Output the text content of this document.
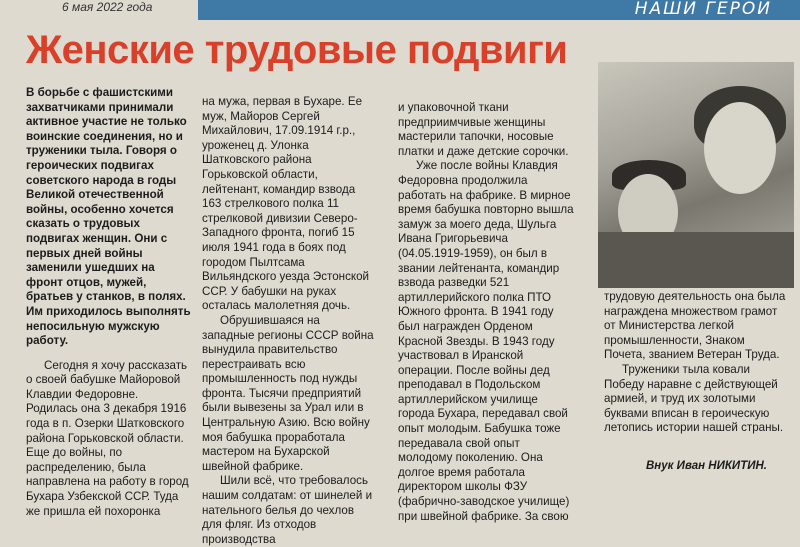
6 мая 2022 года	НАШИ ГЕРОИ
Женские трудовые подвиги

В борьбе с фашистскими захватчиками принимали активное участие не только воинские соединения, но и труженики тыла. Говоря о героических подвигах советского народа в годы Великой отечественной войны, особенно хочется сказать о трудовых подвигах женщин. Они с первых дней войны заменили ушедших на фронт отцов, мужей, братьев у станков, в полях. Им приходилось выполнять непосильную мужскую работу.

Сегодня я хочу рассказать о своей бабушке Майоровой Клавдии Федоровне. Родилась она 3 декабря 1916 года в п. Озерки Шатковского района Горьковской области. Еще до войны, по распределению, была направлена на работу в город Бухара Узбекской ССР. Туда же пришла ей похоронка

на мужа, первая в Бухаре. Ее муж, Майоров Сергей Михайлович, 17.09.1914 г.р., уроженец д. Улонка Шатковского района Горьковской области, лейтенант, командир взвода 163 стрелкового полка 11 стрелковой дивизии Северо-Западного фронта, погиб 15 июля 1941 года в боях под городом Пылтсама Вильяндского уезда Эстонской ССР. У бабушки на руках осталась малолетняя дочь.

Обрушившаяся на западные регионы СССР война вынудила правительство перестраивать всю промышленность под нужды фронта. Тысячи предприятий были вывезены за Урал или в Центральную Азию. Всю войну моя бабушка проработала мастером на Бухарской швейной фабрике.

Шили всё, что требовалось нашим солдатам: от шинелей и нательного белья до чехлов для фляг. Из отходов производства

и упаковочной ткани предприимчивые женщины мастерили тапочки, носовые платки и даже детские сорочки.

Уже после войны Клавдия Федоровна продолжила работать на фабрике. В мирное время бабушка повторно вышла замуж за моего деда, Шульга Ивана Григорьевича (04.05.1919-1959), он был в звании лейтенанта, командир взвода разведки 521 артиллерийского полка ПТО Южного фронта. В 1941 году был награжден Орденом Красной Звезды. В 1943 году участвовал в Иранской операции. После войны дед преподавал в Подольском артиллерийском училище города Бухара, передавал свой опыт молодым. Бабушка тоже передавала свой опыт молодому поколению. Она долгое время работала директором школы ФЗУ (фабрично-заводское училище) при швейной фабрике. За свою

трудовую деятельность она была награждена множеством грамот от Министерства легкой промышленности, Знаком Почета, званием Ветеран Труда.

Труженики тыла ковали Победу наравне с действующей армией, и труд их золотыми буквами вписан в героическую летопись истории нашей страны.

Внук Иван НИКИТИН.
